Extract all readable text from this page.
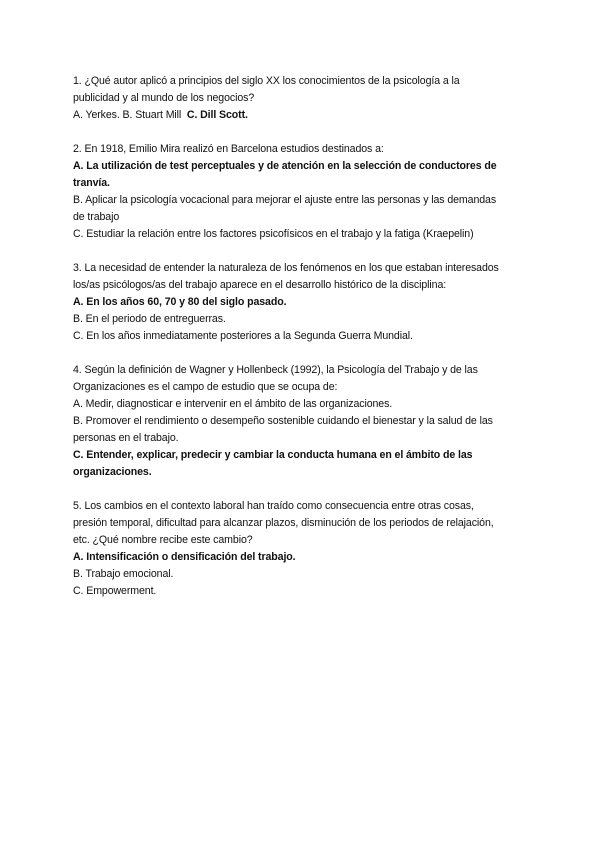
1. ¿Qué autor aplicó a principios del siglo XX los conocimientos de la psicología a la
publicidad y al mundo de los negocios?
A. Yerkes. B. Stuart Mill C. Dill Scott.
2. En 1918, Emilio Mira realizó en Barcelona estudios destinados a:
A. La utilización de test perceptuales y de atención en la selección de conductores de
tranvía.
B. Aplicar la psicología vocacional para mejorar el ajuste entre las personas y las demandas
de trabajo
C. Estudiar la relación entre los factores psicofísicos en el trabajo y la fatiga (Kraepelin)
3. La necesidad de entender la naturaleza de los fenómenos en los que estaban interesados
los/as psicólogos/as del trabajo aparece en el desarrollo histórico de la disciplina:
A. En los años 60, 70 y 80 del siglo pasado.
B. En el periodo de entreguerras.
C. En los años inmediatamente posteriores a la Segunda Guerra Mundial.
4. Según la definición de Wagner y Hollenbeck (1992), la Psicología del Trabajo y de las
Organizaciones es el campo de estudio que se ocupa de:
A. Medir, diagnosticar e intervenir en el ámbito de las organizaciones.
B. Promover el rendimiento o desempeño sostenible cuidando el bienestar y la salud de las
personas en el trabajo.
C. Entender, explicar, predecir y cambiar la conducta humana en el ámbito de las
organizaciones.
5. Los cambios en el contexto laboral han traído como consecuencia entre otras cosas,
presión temporal, dificultad para alcanzar plazos, disminución de los periodos de relajación,
etc. ¿Qué nombre recibe este cambio?
A. Intensificación o densificación del trabajo.
B. Trabajo emocional.
C. Empowerment.
